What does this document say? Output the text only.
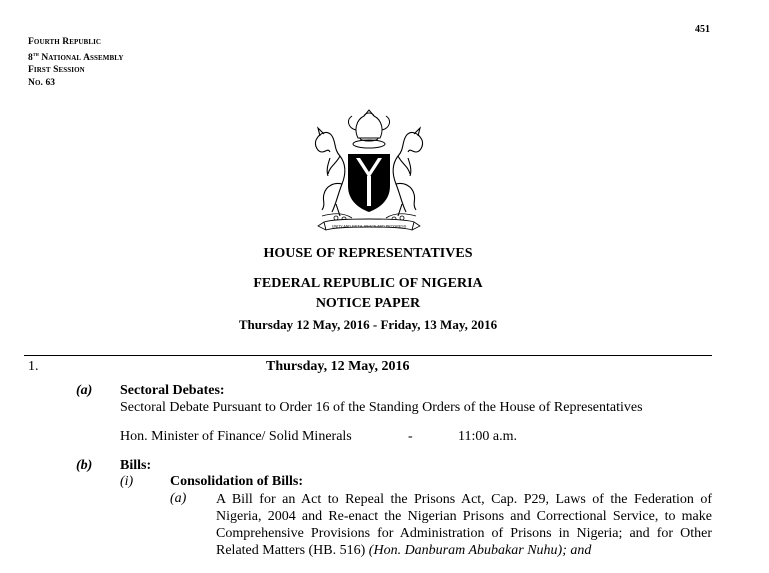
451
Fourth Republic
8th National Assembly
First Session
No. 63
UNITY AND FAITH, PEACE AND PROGRESS
HOUSE OF REPRESENTATIVES
FEDERAL REPUBLIC OF NIGERIA
NOTICE PAPER
Thursday 12 May, 2016 - Friday, 13 May, 2016
1.	Thursday, 12 May, 2016
(a) Sectoral Debates:
Sectoral Debate Pursuant to Order 16 of the Standing Orders of the House of Representatives
Hon. Minister of Finance/ Solid Minerals	-	11:00 a.m.
(b) Bills:
(i)	Consolidation of Bills:
(a) A Bill for an Act to Repeal the Prisons Act, Cap. P29, Laws of the Federation of Nigeria, 2004 and Re-enact the Nigerian Prisons and Correctional Service, to make Comprehensive Provisions for Administration of Prisons in Nigeria; and for Other Related Matters (HB. 516) (Hon. Danburam Abubakar Nuhu); and
